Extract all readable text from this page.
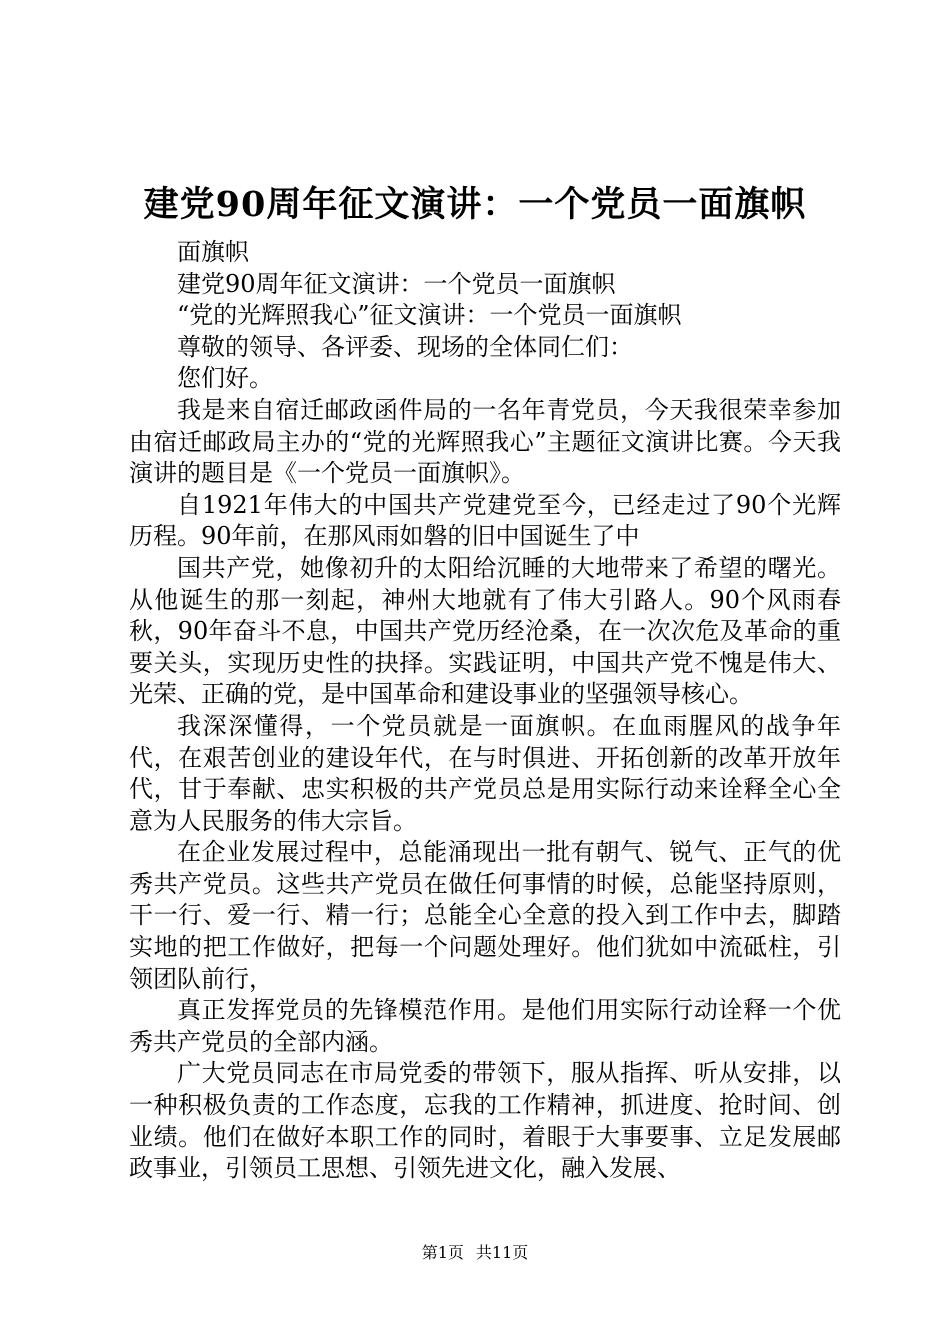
建党90周年征文演讲：一个党员一面旗帜

面旗帜

建党90周年征文演讲：一个党员一面旗帜

“党的光辉照我心”征文演讲：一个党员一面旗帜

尊敬的领导、各评委、现场的全体同仁们：

您们好。

我是来自宿迁邮政函件局的一名年青党员，今天我很荣幸参加由宿迁邮政局主办的“党的光辉照我心”主题征文演讲比赛。今天我演讲的题目是《一个党员一面旗帜》。

自1921年伟大的中国共产党建党至今，已经走过了90个光辉历程。90年前，在那风雨如磐的旧中国诞生了中

国共产党，她像初升的太阳给沉睡的大地带来了希望的曙光。从他诞生的那一刻起，神州大地就有了伟大引路人。90个风雨春秋，90年奋斗不息，中国共产党历经沧桑，在一次次危及革命的重要关头，实现历史性的抉择。实践证明，中国共产党不愧是伟大、光荣、正确的党，是中国革命和建设事业的坚强领导核心。

我深深懂得，一个党员就是一面旗帜。在血雨腥风的战争年代，在艰苦创业的建设年代，在与时俱进、开拓创新的改革开放年代，甘于奉献、忠实积极的共产党员总是用实际行动来诠释全心全意为人民服务的伟大宗旨。

在企业发展过程中，总能涌现出一批有朝气、锐气、正气的优秀共产党员。这些共产党员在做任何事情的时候，总能坚持原则，干一行、爱一行、精一行；总能全心全意的投入到工作中去，脚踏实地的把工作做好，把每一个问题处理好。他们犹如中流砥柱，引领团队前行，

真正发挥党员的先锋模范作用。是他们用实际行动诠释一个优秀共产党员的全部内涵。

广大党员同志在市局党委的带领下，服从指挥、听从安排，以一种积极负责的工作态度，忘我的工作精神，抓进度、抢时间、创业绩。他们在做好本职工作的同时，着眼于大事要事、立足发展邮政事业，引领员工思想、引领先进文化，融入发展、

第1页 共11页
